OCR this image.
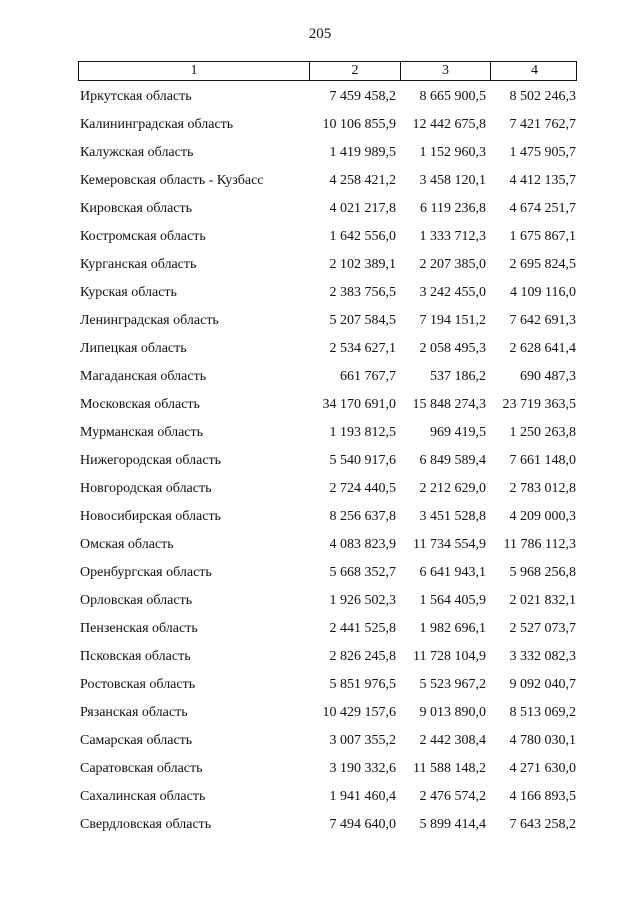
205
1	2	3	4
Иркутская область	7 459 458,2	8 665 900,5	8 502 246,3
Калининградская область	10 106 855,9	12 442 675,8	7 421 762,7
Калужская область	1 419 989,5	1 152 960,3	1 475 905,7
Кемеровская область - Кузбасс	4 258 421,2	3 458 120,1	4 412 135,7
Кировская область	4 021 217,8	6 119 236,8	4 674 251,7
Костромская область	1 642 556,0	1 333 712,3	1 675 867,1
Курганская область	2 102 389,1	2 207 385,0	2 695 824,5
Курская область	2 383 756,5	3 242 455,0	4 109 116,0
Ленинградская область	5 207 584,5	7 194 151,2	7 642 691,3
Липецкая область	2 534 627,1	2 058 495,3	2 628 641,4
Магаданская область	661 767,7	537 186,2	690 487,3
Московская область	34 170 691,0	15 848 274,3	23 719 363,5
Мурманская область	1 193 812,5	969 419,5	1 250 263,8
Нижегородская область	5 540 917,6	6 849 589,4	7 661 148,0
Новгородская область	2 724 440,5	2 212 629,0	2 783 012,8
Новосибирская область	8 256 637,8	3 451 528,8	4 209 000,3
Омская область	4 083 823,9	11 734 554,9	11 786 112,3
Оренбургская область	5 668 352,7	6 641 943,1	5 968 256,8
Орловская область	1 926 502,3	1 564 405,9	2 021 832,1
Пензенская область	2 441 525,8	1 982 696,1	2 527 073,7
Псковская область	2 826 245,8	11 728 104,9	3 332 082,3
Ростовская область	5 851 976,5	5 523 967,2	9 092 040,7
Рязанская область	10 429 157,6	9 013 890,0	8 513 069,2
Самарская область	3 007 355,2	2 442 308,4	4 780 030,1
Саратовская область	3 190 332,6	11 588 148,2	4 271 630,0
Сахалинская область	1 941 460,4	2 476 574,2	4 166 893,5
Свердловская область	7 494 640,0	5 899 414,4	7 643 258,2
